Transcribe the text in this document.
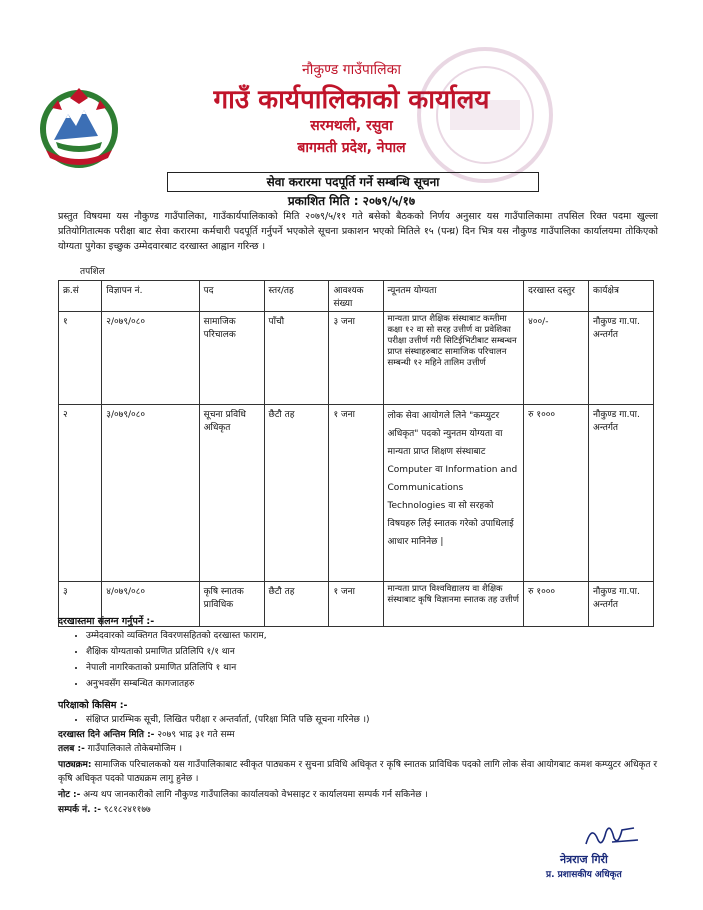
नौकुण्ड गाउँपालिका
गाउँ कार्यपालिकाको कार्यालय
सरमथली, रसुवा
बागमती प्रदेश, नेपाल
सेवा करारमा पदपूर्ति गर्ने सम्बन्धि सूचना
प्रकाशित मिति : २०७९/५/१७
प्रस्तुत विषयमा यस नौकुण्ड गाउँपालिका, गाउँकार्यपालिकाको मिति २०७९/५/११ गते बसेको बैठकको निर्णय अनुसार यस गाउँपालिकामा तपसिल रिक्त पदमा खुल्ला प्रतियोगितात्मक परीक्षा बाट सेवा करारमा कर्मचारी पदपूर्ति गर्नुपर्ने भएकोले सूचना प्रकाशन भएको मितिले १५ (पन्ध्र) दिन भित्र यस नौकुण्ड गाउँपालिका कार्यालयमा तोकिएको योग्यता पुगेका इच्छुक उम्मेदवारबाट दरखास्त आह्वान गरिन्छ ।
तपशिल
क्र.सं	विज्ञापन नं.	पद	स्तर/तह	आवश्यक संख्या	न्यूनतम योग्यता	दरखास्त दस्तुर	कार्यक्षेत्र
१	२/०७९/०८०	सामाजिक परिचालक	पाँचौ	३ जना	मान्यता प्राप्त शैक्षिक संस्थाबाट कम्तीमा कक्षा १२ वा सो सरह उत्तीर्ण वा प्रवेशिका परीक्षा उत्तीर्ण गरी सिटिईभिटीबाट सम्बन्धन प्राप्त संस्थाहरुबाट सामाजिक परिचालन सम्बन्धी १२ महिने तालिम उत्तीर्ण	४००/-	नौकुण्ड गा.पा. अन्तर्गत
२	३/०७९/०८०	सूचना प्रविधि अधिकृत	छैटौ तह	१ जना	लोक सेवा आयोगले लिने "कम्प्युटर अधिकृत" पदको न्युनतम योग्यता वा मान्यता प्राप्त शिक्षण संस्थाबाट Computer वा Information and Communications Technologies वा सो सरहको विषयहरु लिई स्नातक गरेको उपाधिलाई आधार मानिनेछ |	रु १०००	नौकुण्ड गा.पा. अन्तर्गत
३	४/०७९/०८०	कृषि स्नातक प्राविधिक	छैटौ तह	१ जना	मान्यता प्राप्त विश्वविद्यालय वा शैक्षिक संस्थाबाट कृषि विज्ञानमा स्नातक तह उत्तीर्ण	रु १०००	नौकुण्ड गा.पा. अन्तर्गत
दरखास्तमा संलग्न गर्नुपर्ने :-
• उम्मेदवारको व्यक्तिगत विवरणसहितको दरखास्त फाराम,
• शैक्षिक योग्यताको प्रमाणित प्रतिलिपि १/१ थान
• नेपाली नागरिकताको प्रमाणित प्रतिलिपि १ थान
• अनुभवसँग सम्बन्धित कागजातहरु
परिक्षाको किसिम :-
• संक्षिप्त प्रारम्भिक सूची, लिखित परीक्षा र अन्तर्वार्ता, (परिक्षा मिति पछि सूचना गरिनेछ ।)
दरखास्त दिने अन्तिम मिति :- २०७९ भाद्र ३१ गते सम्म
तलब :- गाउँपालिकाले तोकेबमोजिम ।
पाठ्यक्रम: सामाजिक परिचालकको यस गाउँपालिकाबाट स्वीकृत पाठ्यकम र सुचना प्रविधि अधिकृत र कृषि स्नातक प्राविधिक पदको लागि लोक सेवा आयोगबाट कमश कम्प्युटर अधिकृत र कृषि अधिकृत पदको पाठ्यक्रम लागु हुनेछ ।
नोट :- अन्य थप जानकारीको लागि नौकुण्ड गाउँपालिका कार्यालयको वेभसाइट र कार्यालयमा सम्पर्क गर्न सकिनेछ ।
सम्पर्क नं. :- ९८१८२४११७७
नेत्रराज गिरी
प्र. प्रशासकीय अधिकृत
